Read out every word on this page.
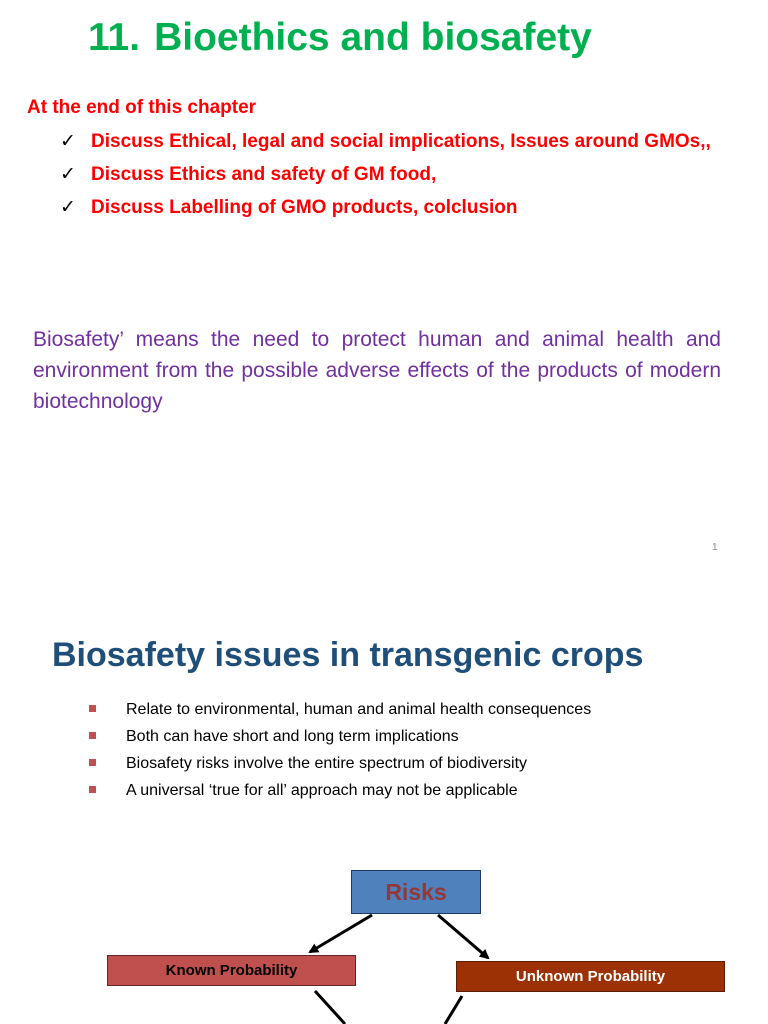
11. Bioethics and biosafety
At the end of this chapter
✓ Discuss Ethical, legal and social implications, Issues around GMOs,,
✓ Discuss Ethics and safety of GM food,
✓ Discuss Labelling of GMO products, colclusion

Biosafety’ means the need to protect human and animal health and environment from the possible adverse effects of the products of modern biotechnology

1
Biosafety issues in transgenic crops
Relate to environmental, human and animal health consequences
Both can have short and long term implications
Biosafety risks involve the entire spectrum of biodiversity
A universal ‘true for all’ approach may not be applicable
Risks
Known Probability	Unknown Probability
